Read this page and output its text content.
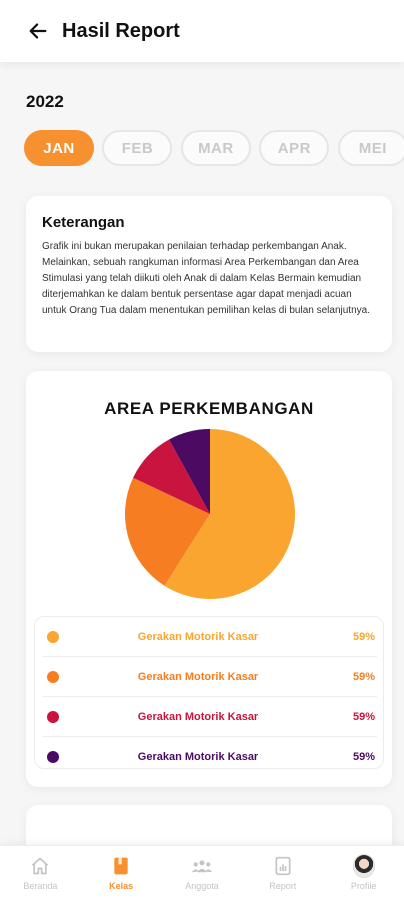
Hasil Report
2022
JAN	FEB	MAR	APR	MEI
Keterangan
Grafik ini bukan merupakan penilaian terhadap perkembangan Anak. Melainkan, sebuah rangkuman informasi Area Perkembangan dan Area Stimulasi yang telah diikuti oleh Anak di dalam Kelas Bermain kemudian diterjemahkan ke dalam bentuk persentase agar dapat menjadi acuan untuk Orang Tua dalam menentukan pemilihan kelas di bulan selanjutnya.
AREA PERKEMBANGAN
Gerakan Motorik Kasar	59%
Gerakan Motorik Kasar	59%
Gerakan Motorik Kasar	59%
Gerakan Motorik Kasar	59%
Beranda	Kelas	Anggota	Report	Profile
